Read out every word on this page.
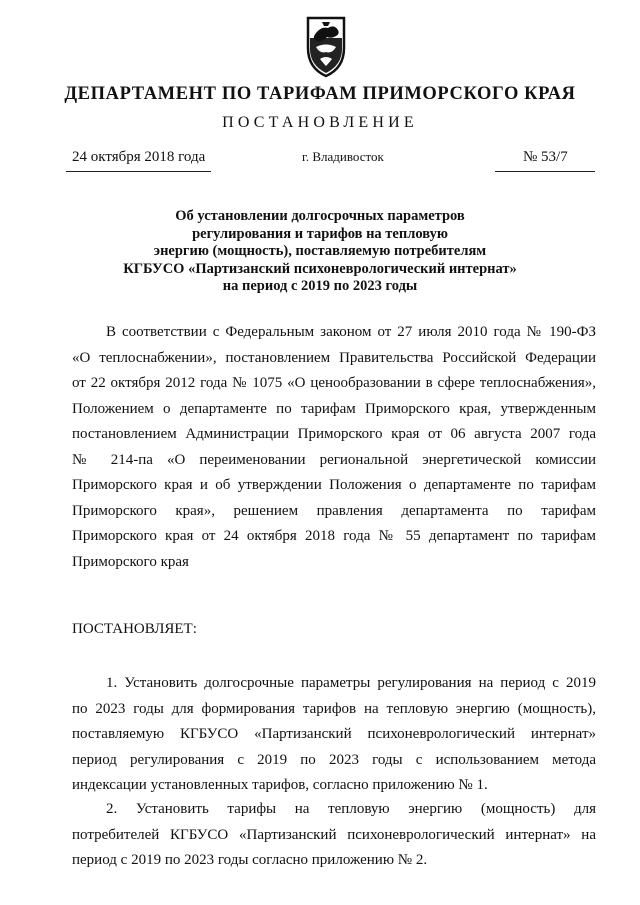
ДЕПАРТАМЕНТ ПО ТАРИФАМ ПРИМОРСКОГО КРАЯ
ПОСТАНОВЛЕНИЕ
24 октября 2018 года	г. Владивосток	№ 53/7
Об установлении долгосрочных параметров
регулирования и тарифов на тепловую
энергию (мощность), поставляемую потребителям
КГБУСО «Партизанский психоневрологический интернат»
на период с 2019 по 2023 годы
В соответствии с Федеральным законом от 27 июля 2010 года № 190-ФЗ
«О теплоснабжении», постановлением Правительства Российской Федерации
от 22 октября 2012 года № 1075 «О ценообразовании в сфере теплоснабжения»,
Положением о департаменте по тарифам Приморского края, утвержденным
постановлением Администрации Приморского края от 06 августа 2007 года
№ 214-па «О переименовании региональной энергетической комиссии
Приморского края и об утверждении Положения о департаменте по тарифам
Приморского края», решением правления департамента по тарифам
Приморского края от 24 октября 2018 года № 55 департамент по тарифам
Приморского края
ПОСТАНОВЛЯЕТ:
1. Установить долгосрочные параметры регулирования на период с 2019
по 2023 годы для формирования тарифов на тепловую энергию (мощность),
поставляемую КГБУСО «Партизанский психоневрологический интернат»
период регулирования с 2019 по 2023 годы с использованием метода
индексации установленных тарифов, согласно приложению № 1.
2. Установить тарифы на тепловую энергию (мощность) для
потребителей КГБУСО «Партизанский психоневрологический интернат» на
период с 2019 по 2023 годы согласно приложению № 2.
